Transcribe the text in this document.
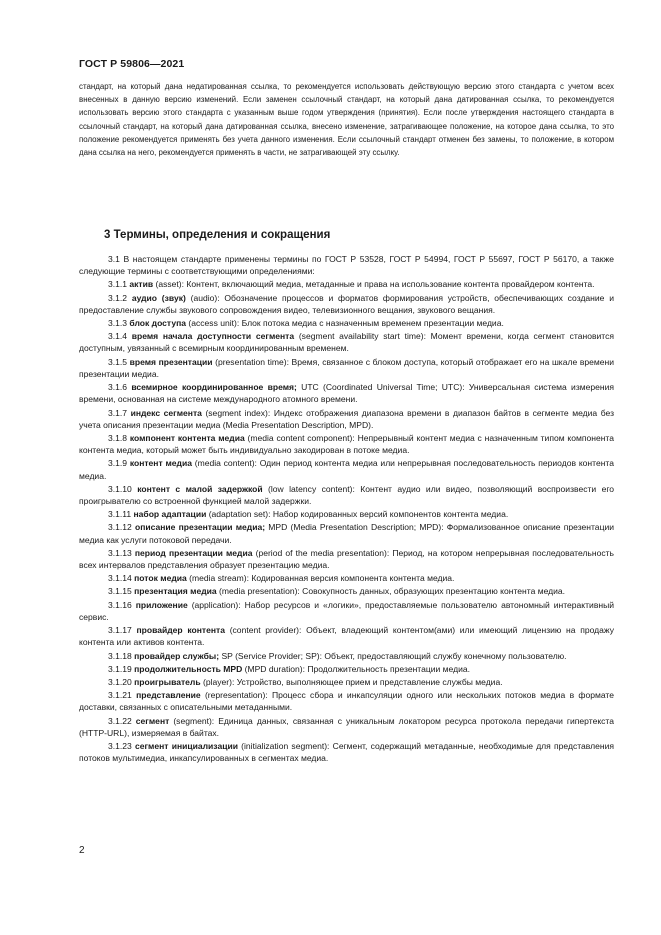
ГОСТ Р 59806—2021
стандарт, на который дана недатированная ссылка, то рекомендуется использовать действующую версию этого стандарта с учетом всех внесенных в данную версию изменений. Если заменен ссылочный стандарт, на который дана датированная ссылка, то рекомендуется использовать версию этого стандарта с указанным выше годом утверждения (принятия). Если после утверждения настоящего стандарта в ссылочный стандарт, на который дана датированная ссылка, внесено изменение, затрагивающее положение, на которое дана ссылка, то это положение рекомендуется применять без учета данного изменения. Если ссылочный стандарт отменен без замены, то положение, в котором дана ссылка на него, рекомендуется применять в части, не затрагивающей эту ссылку.
3 Термины, определения и сокращения

3.1 В настоящем стандарте применены термины по ГОСТ Р 53528, ГОСТ Р 54994, ГОСТ Р 55697, ГОСТ Р 56170, а также следующие термины с соответствующими определениями:

3.1.1 актив (asset): Контент, включающий медиа, метаданные и права на использование контента провайдером контента.

3.1.2 аудио (звук) (audio): Обозначение процессов и форматов формирования устройств, обеспечивающих создание и предоставление службы звукового сопровождения видео, телевизионного вещания, звукового вещания.

3.1.3 блок доступа (access unit): Блок потока медиа с назначенным временем презентации медиа.

3.1.4 время начала доступности сегмента (segment availability start time): Момент времени, когда сегмент становится доступным, увязанный с всемирным координированным временем.

3.1.5 время презентации (presentation time): Время, связанное с блоком доступа, который отображает его на шкале времени презентации медиа.

3.1.6 всемирное координированное время; UTC (Coordinated Universal Time; UTC): Универсальная система измерения времени, основанная на системе международного атомного времени.

3.1.7 индекс сегмента (segment index): Индекс отображения диапазона времени в диапазон байтов в сегменте медиа без учета описания презентации медиа (Media Presentation Description, MPD).

3.1.8 компонент контента медиа (media content component): Непрерывный контент медиа с назначенным типом компонента контента медиа, который может быть индивидуально закодирован в потоке медиа.

3.1.9 контент медиа (media content): Один период контента медиа или непрерывная последовательность периодов контента медиа.

3.1.10 контент с малой задержкой (low latency content): Контент аудио или видео, позволяющий воспроизвести его проигрывателю со встроенной функцией малой задержки.

3.1.11 набор адаптации (adaptation set): Набор кодированных версий компонентов контента медиа.

3.1.12 описание презентации медиа; MPD (Media Presentation Description; MPD): Формализованное описание презентации медиа как услуги потоковой передачи.

3.1.13 период презентации медиа (period of the media presentation): Период, на котором непрерывная последовательность всех интервалов представления образует презентацию медиа.

3.1.14 поток медиа (media stream): Кодированная версия компонента контента медиа.

3.1.15 презентация медиа (media presentation): Совокупность данных, образующих презентацию контента медиа.

3.1.16 приложение (application): Набор ресурсов и «логики», предоставляемые пользователю автономный интерактивный сервис.

3.1.17 провайдер контента (content provider): Объект, владеющий контентом(ами) или имеющий лицензию на продажу контента или активов контента.

3.1.18 провайдер службы; SP (Service Provider; SP): Объект, предоставляющий службу конечному пользователю.

3.1.19 продолжительность MPD (MPD duration): Продолжительность презентации медиа.

3.1.20 проигрыватель (player): Устройство, выполняющее прием и представление службы медиа.

3.1.21 представление (representation): Процесс сбора и инкапсуляции одного или нескольких потоков медиа в формате доставки, связанных с описательными метаданными.

3.1.22 сегмент (segment): Единица данных, связанная с уникальным локатором ресурса протокола передачи гипертекста (HTTP-URL), измеряемая в байтах.

3.1.23 сегмент инициализации (initialization segment): Сегмент, содержащий метаданные, необходимые для представления потоков мультимедиа, инкапсулированных в сегментах медиа.

2
